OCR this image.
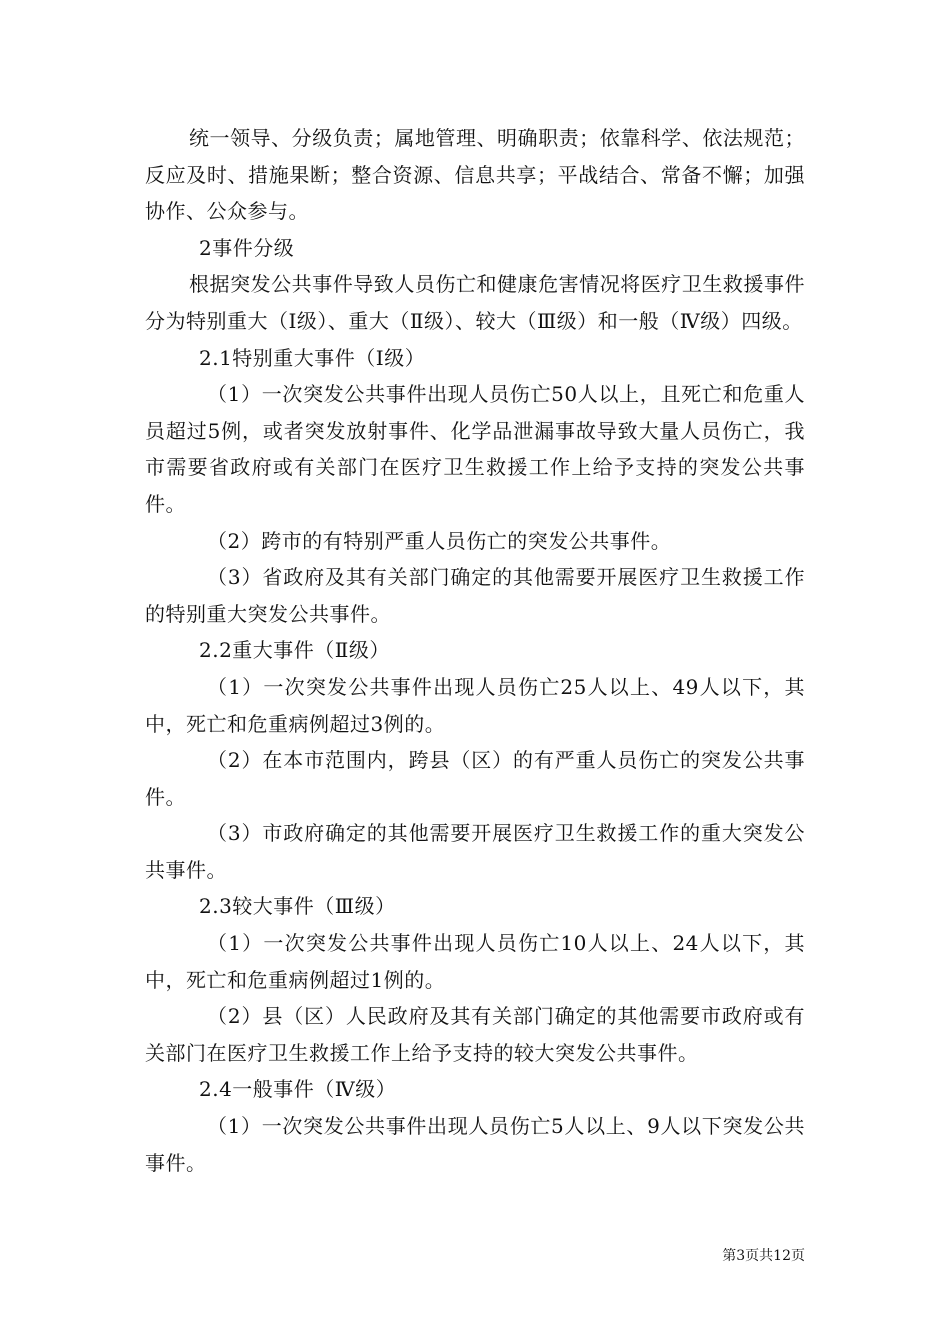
统一领导、分级负责；属地管理、明确职责；依靠科学、依法规范；反应及时、措施果断；整合资源、信息共享；平战结合、常备不懈；加强协作、公众参与。

2事件分级

根据突发公共事件导致人员伤亡和健康危害情况将医疗卫生救援事件分为特别重大（Ⅰ级）、重大（Ⅱ级）、较大（Ⅲ级）和一般（Ⅳ级）四级。

2.1特别重大事件（Ⅰ级）

（1）一次突发公共事件出现人员伤亡50人以上，且死亡和危重人员超过5例，或者突发放射事件、化学品泄漏事故导致大量人员伤亡，我市需要省政府或有关部门在医疗卫生救援工作上给予支持的突发公共事件。

（2）跨市的有特别严重人员伤亡的突发公共事件。

（3）省政府及其有关部门确定的其他需要开展医疗卫生救援工作的特别重大突发公共事件。

2.2重大事件（Ⅱ级）

（1）一次突发公共事件出现人员伤亡25人以上、49人以下，其中，死亡和危重病例超过3例的。

（2）在本市范围内，跨县（区）的有严重人员伤亡的突发公共事件。

（3）市政府确定的其他需要开展医疗卫生救援工作的重大突发公共事件。

2.3较大事件（Ⅲ级）

（1）一次突发公共事件出现人员伤亡10人以上、24人以下，其中，死亡和危重病例超过1例的。

（2）县（区）人民政府及其有关部门确定的其他需要市政府或有关部门在医疗卫生救援工作上给予支持的较大突发公共事件。

2.4一般事件（Ⅳ级）

（1）一次突发公共事件出现人员伤亡5人以上、9人以下突发公共事件。

第3页共12页
